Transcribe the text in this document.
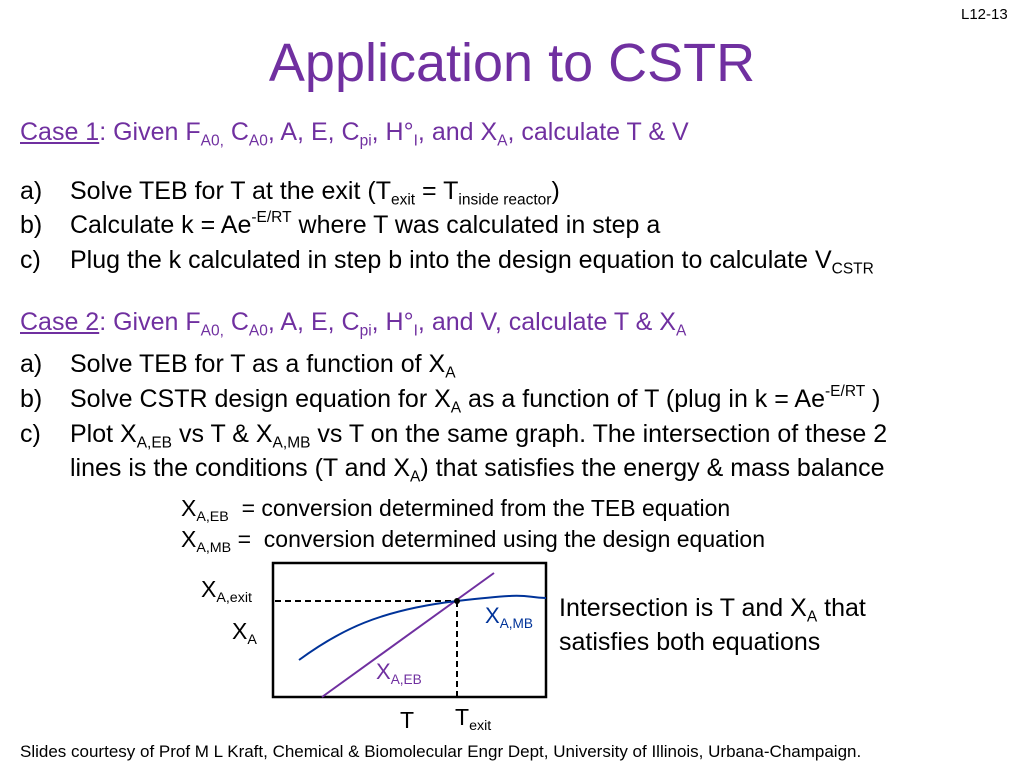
L12-13
Application to CSTR
Case 1: Given $F_{A0,}$ $C_{A0}$, A, E, $C_{pi}$, $H^\circ_I$, and $X_A$, calculate T & V
a) Solve TEB for T at the exit $(T_{exit} = T_{inside reactor})$
b) Calculate $k = Ae^{-E/RT}$ where T was calculated in step a
c) Plug the k calculated in step b into the design equation to calculate $V_{CSTR}$
Case 2: Given $F_{A0,}$ $C_{A0}$, A, E, $C_{pi}$, $H^\circ_I$, and V, calculate T & $X_A$
a) Solve TEB for T as a function of $X_A$
b) Solve CSTR design equation for $X_A$ as a function of T (plug in $k = Ae^{-E/RT}$ )
c) Plot $X_{A,EB}$ vs T & $X_{A,MB}$ vs T on the same graph. The intersection of these 2
lines is the conditions (T and $X_A$) that satisfies the energy & mass balance
$X_{A,EB}$  = conversion determined from the TEB equation
$X_{A,MB}$ =  conversion determined using the design equation
$X_{A,exit}$
$X_A$
T $T_{exit}$
$X_{A,MB}$
$X_{A,EB}$
Intersection is T and $X_A$ that
satisfies both equations
Slides courtesy of Prof M L Kraft, Chemical & Biomolecular Engr Dept, University of Illinois, Urbana-Champaign.
